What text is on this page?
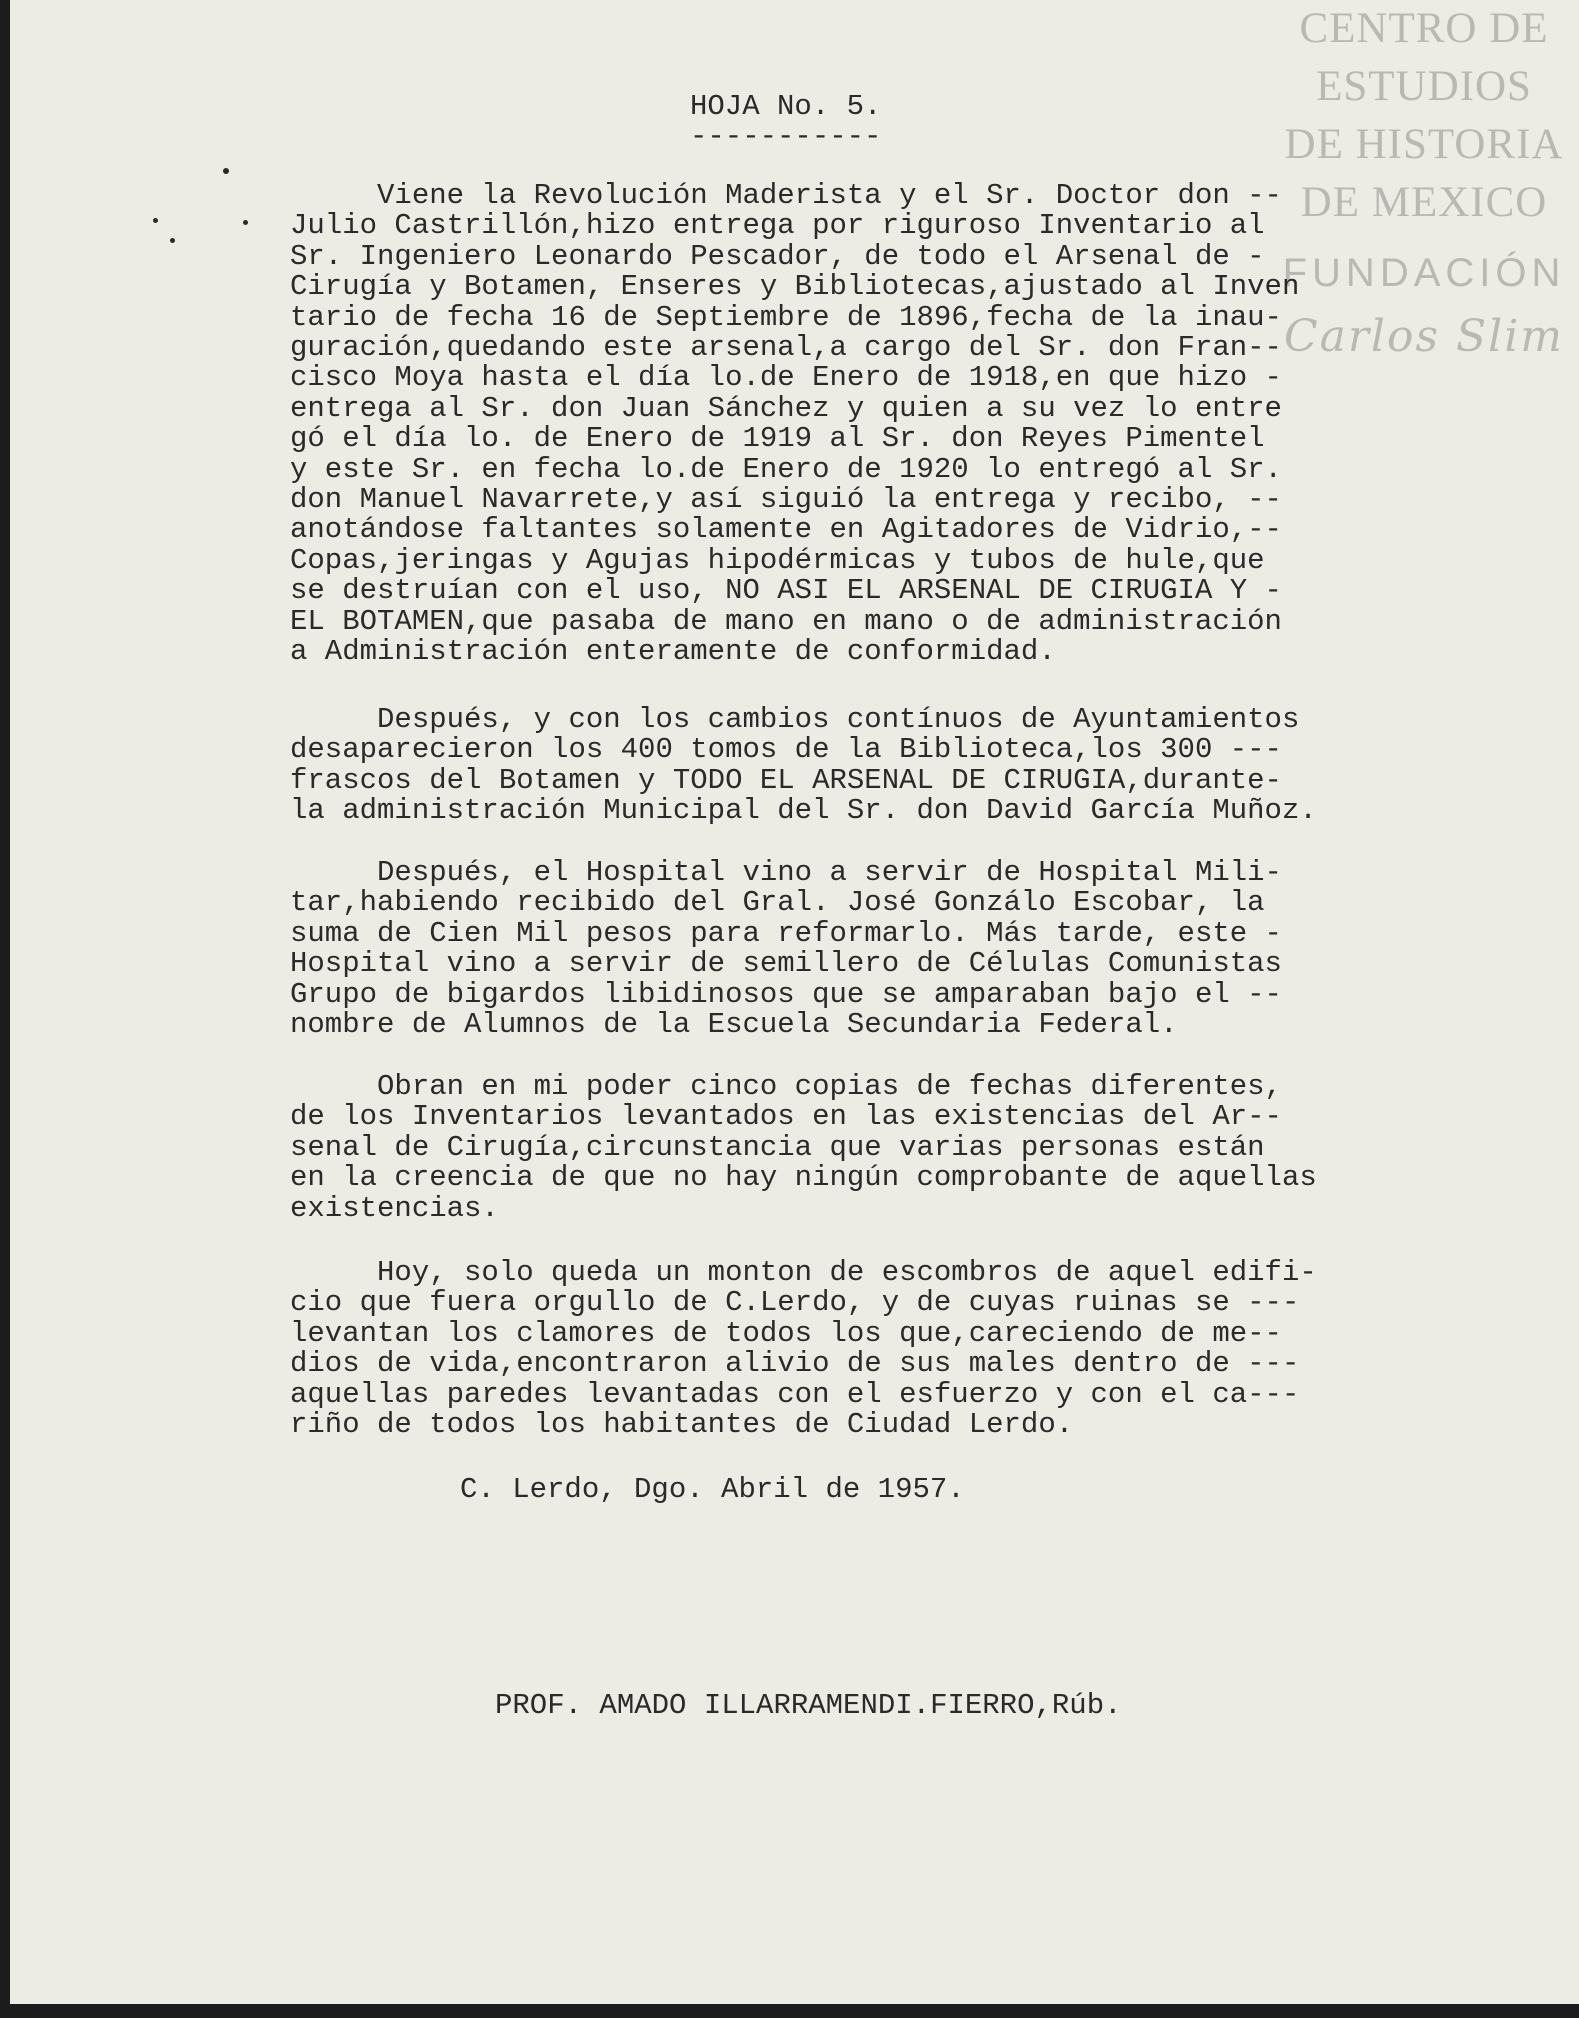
CENTRO DE
ESTUDIOS
DE HISTORIA
DE MEXICO
FUNDACIÓN
Carlos Slim
HOJA No. 5.
-----------

Viene la Revolución Maderista y el Sr. Doctor don --
Julio Castrillón,hizo entrega por riguroso Inventario al
Sr. Ingeniero Leonardo Pescador, de todo el Arsenal de -
Cirugía y Botamen, Enseres y Bibliotecas,ajustado al Inven
tario de fecha 16 de Septiembre de 1896,fecha de la inau-
guración,quedando este arsenal,a cargo del Sr. don Fran--
cisco Moya hasta el día lo.de Enero de 1918,en que hizo -
entrega al Sr. don Juan Sánchez y quien a su vez lo entre
gó el día lo. de Enero de 1919 al Sr. don Reyes Pimentel
y este Sr. en fecha lo.de Enero de 1920 lo entregó al Sr.
don Manuel Navarrete,y así siguió la entrega y recibo, --
anotándose faltantes solamente en Agitadores de Vidrio,--
Copas,jeringas y Agujas hipodérmicas y tubos de hule,que
se destruían con el uso, NO ASI EL ARSENAL DE CIRUGIA Y -
EL BOTAMEN,que pasaba de mano en mano o de administración
a Administración enteramente de conformidad.

Después, y con los cambios contínuos de Ayuntamientos
desaparecieron los 400 tomos de la Biblioteca,los 300 ---
frascos del Botamen y TODO EL ARSENAL DE CIRUGIA,durante-
la administración Municipal del Sr. don David García Muñoz.

Después, el Hospital vino a servir de Hospital Mili-
tar,habiendo recibido del Gral. José Gonzálo Escobar, la
suma de Cien Mil pesos para reformarlo. Más tarde, este -
Hospital vino a servir de semillero de Células Comunistas
Grupo de bigardos libidinosos que se amparaban bajo el --
nombre de Alumnos de la Escuela Secundaria Federal.

Obran en mi poder cinco copias de fechas diferentes,
de los Inventarios levantados en las existencias del Ar--
senal de Cirugía,circunstancia que varias personas están
en la creencia de que no hay ningún comprobante de aquellas
existencias.

Hoy, solo queda un monton de escombros de aquel edifi-
cio que fuera orgullo de C.Lerdo, y de cuyas ruinas se ---
levantan los clamores de todos los que,careciendo de me--
dios de vida,encontraron alivio de sus males dentro de ---
aquellas paredes levantadas con el esfuerzo y con el ca---
riño de todos los habitantes de Ciudad Lerdo.

C. Lerdo, Dgo. Abril de 1957.
PROF. AMADO ILLARRAMENDI.FIERRO,Rúb.
